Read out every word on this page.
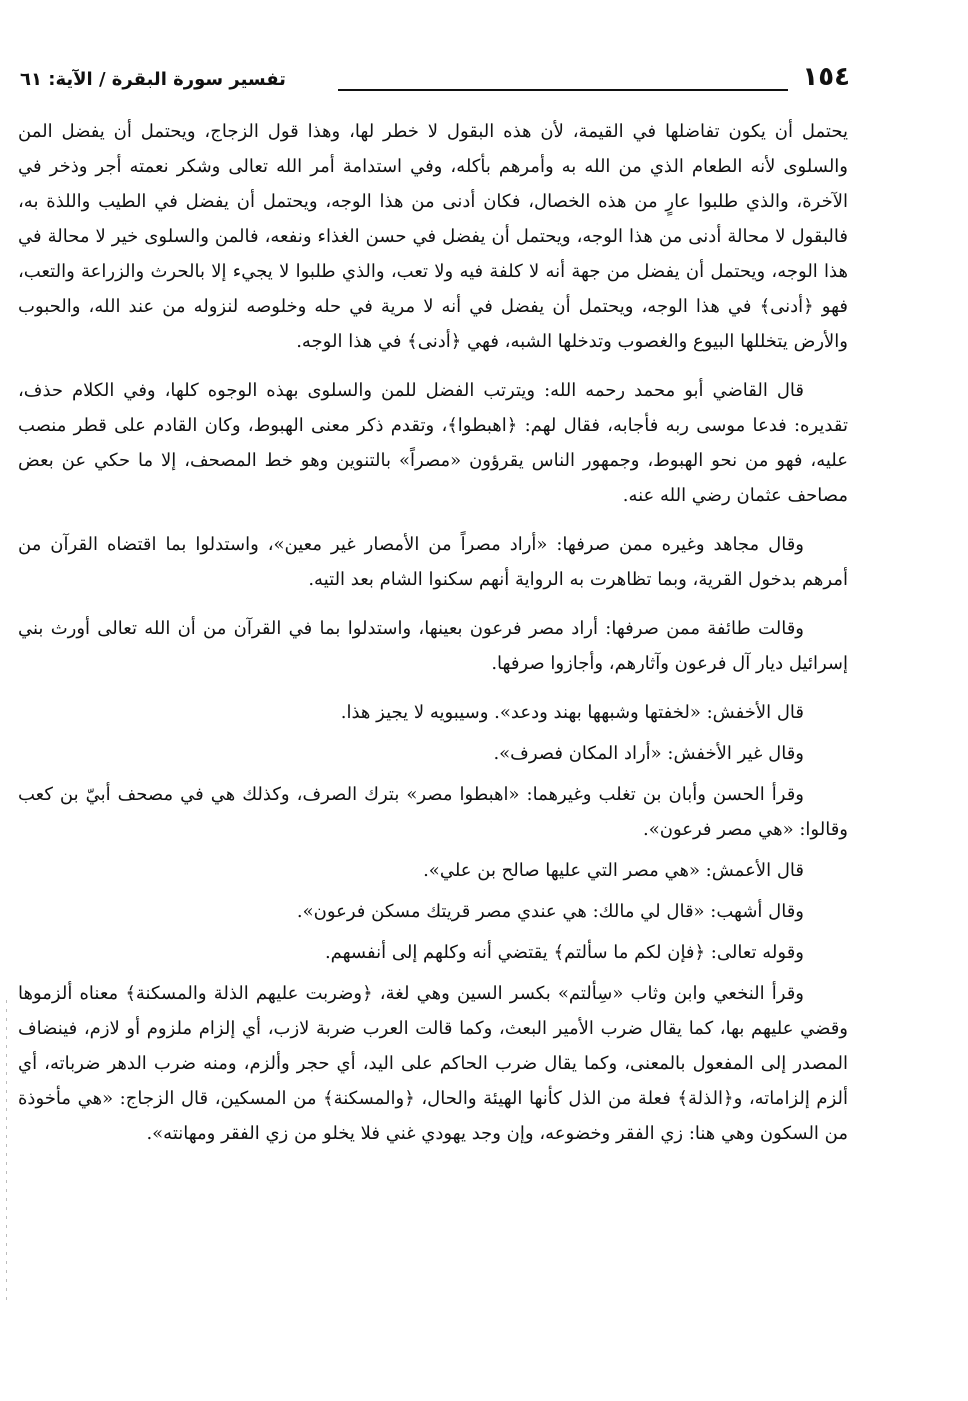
١٥٤
تفسير سورة البقرة / الآية: ٦١

يحتمل أن يكون تفاضلها في القيمة، لأن هذه البقول لا خطر لها، وهذا قول الزجاج، ويحتمل أن يفضل المن والسلوى لأنه الطعام الذي من الله به وأمرهم بأكله، وفي استدامة أمر الله تعالى وشكر نعمته أجر وذخر في الآخرة، والذي طلبوا عارٍ من هذه الخصال، فكان أدنى من هذا الوجه، ويحتمل أن يفضل في الطيب واللذة به، فالبقول لا محالة أدنى من هذا الوجه، ويحتمل أن يفضل في حسن الغذاء ونفعه، فالمن والسلوى خير لا محالة في هذا الوجه، ويحتمل أن يفضل من جهة أنه لا كلفة فيه ولا تعب، والذي طلبوا لا يجيء إلا بالحرث والزراعة والتعب، فهو ﴿أدنى﴾ في هذا الوجه، ويحتمل أن يفضل في أنه لا مرية في حله وخلوصه لنزوله من عند الله، والحبوب والأرض يتخللها البيوع والغصوب وتدخلها الشبه، فهي ﴿أدنى﴾ في هذا الوجه.

قال القاضي أبو محمد رحمه الله: ويترتب الفضل للمن والسلوى بهذه الوجوه كلها، وفي الكلام حذف، تقديره: فدعا موسى ربه فأجابه، فقال لهم: ﴿اهبطوا﴾، وتقدم ذكر معنى الهبوط، وكان القادم على قطر منصب عليه، فهو من نحو الهبوط، وجمهور الناس يقرؤون «مصراً» بالتنوين وهو خط المصحف، إلا ما حكي عن بعض مصاحف عثمان رضي الله عنه.

وقال مجاهد وغيره ممن صرفها: «أراد مصراً من الأمصار غير معين»، واستدلوا بما اقتضاه القرآن من أمرهم بدخول القرية، وبما تظاهرت به الرواية أنهم سكنوا الشام بعد التيه.

وقالت طائفة ممن صرفها: أراد مصر فرعون بعينها، واستدلوا بما في القرآن من أن الله تعالى أورث بني إسرائيل ديار آل فرعون وآثارهم، وأجازوا صرفها.

قال الأخفش: «لخفتها وشبهها بهند ودعد». وسيبويه لا يجيز هذا.

وقال غير الأخفش: «أراد المكان فصرف».

وقرأ الحسن وأبان بن تغلب وغيرهما: «اهبطوا مصر» بترك الصرف، وكذلك هي في مصحف أبيّ بن كعب وقالوا: «هي مصر فرعون».

قال الأعمش: «هي مصر التي عليها صالح بن علي».

وقال أشهب: «قال لي مالك: هي عندي مصر قريتك مسكن فرعون».

وقوله تعالى: ﴿فإن لكم ما سألتم﴾ يقتضي أنه وكلهم إلى أنفسهم.

وقرأ النخعي وابن وثاب «سِألتم» بكسر السين وهي لغة، ﴿وضربت عليهم الذلة والمسكنة﴾ معناه ألزموها وقضي عليهم بها، كما يقال ضرب الأمير البعث، وكما قالت العرب ضربة لازب، أي إلزام ملزوم أو لازم، فينضاف المصدر إلى المفعول بالمعنى، وكما يقال ضرب الحاكم على اليد، أي حجر وألزم، ومنه ضرب الدهر ضرباته، أي ألزم إلزاماته، و﴿الذلة﴾ فعلة من الذل كأنها الهيئة والحال، ﴿والمسكنة﴾ من المسكين، قال الزجاج: «هي مأخوذة من السكون وهي هنا: زي الفقر وخضوعه، وإن وجد يهودي غني فلا يخلو من زي الفقر ومهانته».
